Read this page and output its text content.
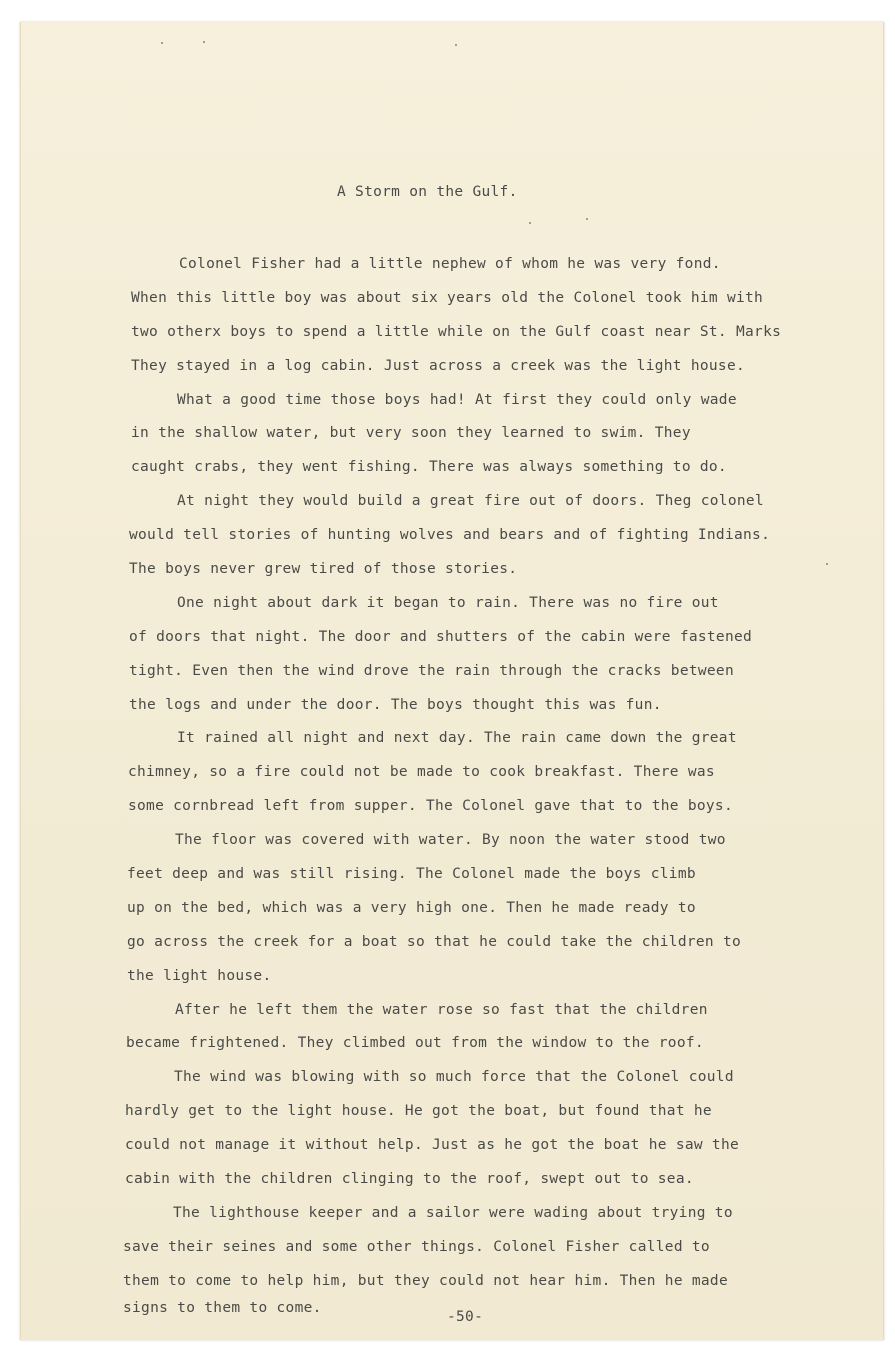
A Storm on the Gulf.
Colonel Fisher had a little nephew of whom he was very fond.
When this little boy was about six years old the Colonel took him with
two otherx boys to spend a little while on the Gulf coast near St. Marks
They stayed in a log cabin. Just across a creek was the light house.
What a good time those boys had! At first they could only wade
in the shallow water, but very soon they learned to swim. They
caught crabs, they went fishing. There was always something to do.
At night they would build a great fire out of doors. Theg colonel
would tell stories of hunting wolves and bears and of fighting Indians.
The boys never grew tired of those stories.
One night about dark it began to rain. There was no fire out
of doors that night. The door and shutters of the cabin were fastened
tight. Even then the wind drove the rain through the cracks between
the logs and under the door. The boys thought this was fun.
It rained all night and next day. The rain came down the great
chimney, so a fire could not be made to cook breakfast. There was
some cornbread left from supper. The Colonel gave that to the boys.
The floor was covered with water. By noon the water stood two
feet deep and was still rising. The Colonel made the boys climb
up on the bed, which was a very high one. Then he made ready to
go across the creek for a boat so that he could take the children to
the light house.
After he left them the water rose so fast that the children
became frightened. They climbed out from the window to the roof.
The wind was blowing with so much force that the Colonel could
hardly get to the light house. He got the boat, but found that he
could not manage it without help. Just as he got the boat he saw the
cabin with the children clinging to the roof, swept out to sea.
The lighthouse keeper and a sailor were wading about trying to
save their seines and some other things. Colonel Fisher called to
them to come to help him, but they could not hear him. Then he made
signs to them to come.
-50-
